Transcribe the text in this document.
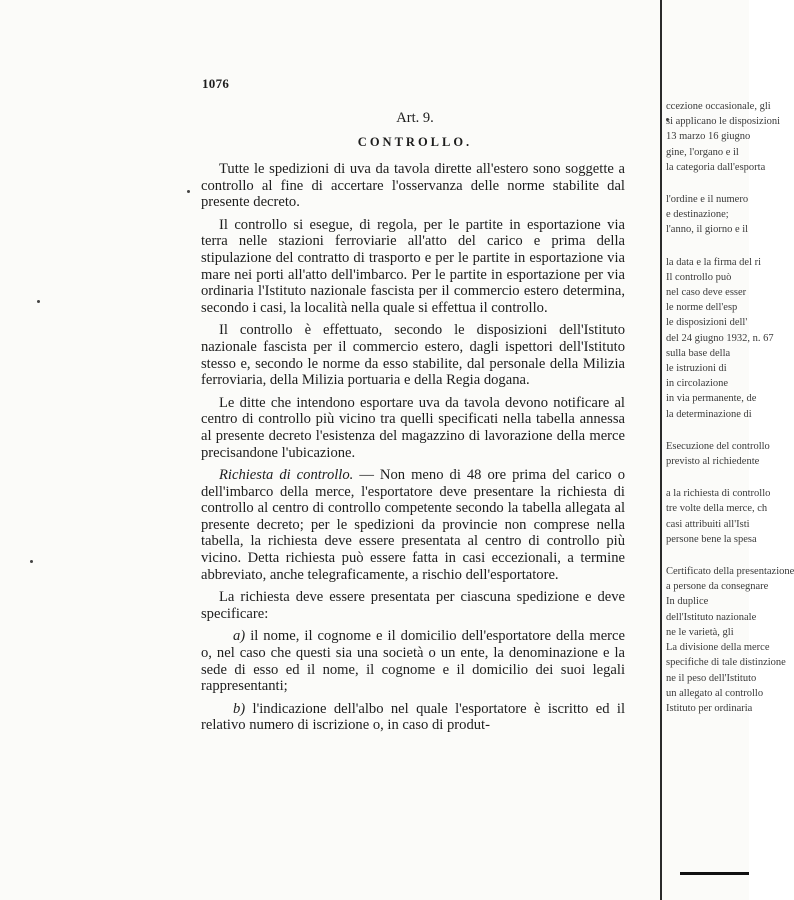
1076
Art. 9.
CONTROLLO.

Tutte le spedizioni di uva da tavola dirette all'estero sono soggette a controllo al fine di accertare l'osservanza delle norme stabilite dal presente decreto.

Il controllo si esegue, di regola, per le partite in esportazione via terra nelle stazioni ferroviarie all'atto del carico e prima della stipulazione del contratto di trasporto e per le partite in esportazione via mare nei porti all'atto dell'imbarco. Per le partite in esportazione per via ordinaria l'Istituto nazionale fascista per il commercio estero determina, secondo i casi, la località nella quale si effettua il controllo.

Il controllo è effettuato, secondo le disposizioni dell'Istituto nazionale fascista per il commercio estero, dagli ispettori dell'Istituto stesso e, secondo le norme da esso stabilite, dal personale della Milizia ferroviaria, della Milizia portuaria e della Regia dogana.

Le ditte che intendono esportare uva da tavola devono notificare al centro di controllo più vicino tra quelli specificati nella tabella annessa al presente decreto l'esistenza del magazzino di lavorazione della merce precisandone l'ubicazione.

Richiesta di controllo. — Non meno di 48 ore prima del carico o dell'imbarco della merce, l'esportatore deve presentare la richiesta di controllo al centro di controllo competente secondo la tabella allegata al presente decreto; per le spedizioni da provincie non comprese nella tabella, la richiesta deve essere presentata al centro di controllo più vicino. Detta richiesta può essere fatta in casi eccezionali, a termine abbreviato, anche telegraficamente, a rischio dell'esportatore.

La richiesta deve essere presentata per ciascuna spedizione e deve specificare:

a) il nome, il cognome e il domicilio dell'esportatore della merce o, nel caso che questi sia una società o un ente, la denominazione e la sede di esso ed il nome, il cognome e il domicilio dei suoi legali rappresentanti;

b) l'indicazione dell'albo nel quale l'esportatore è iscritto ed il relativo numero di iscrizione o, in caso di produt-

ccezione occasionale, gli
si applicano le disposizioni
13 marzo 16 giugno
gine, l'organo e il
la categoria dall'esporta
l'ordine e il numero
e destinazione;
l'anno, il giorno e il
la data e la firma del ri
Il controllo può
nel caso deve esser
le norme dell'esp
le disposizioni dell'
del 24 giugno 1932, n. 67
sulla base della
le istruzioni di
in circolazione
in via permanente, de
la determinazione di
Esecuzione del controllo
previsto al richiedente
a la richiesta di controllo
tre volte della merce, ch
casi attribuiti all'Isti
persone bene la spesa
Certificato della presentazione
a persone da consegnare
In duplice
dell'Istituto nazionale
ne le varietà, gli
La divisione della merce
specifiche di tale distinzione
ne il peso dell'Istituto
un allegato al controllo
Istituto per ordinaria
